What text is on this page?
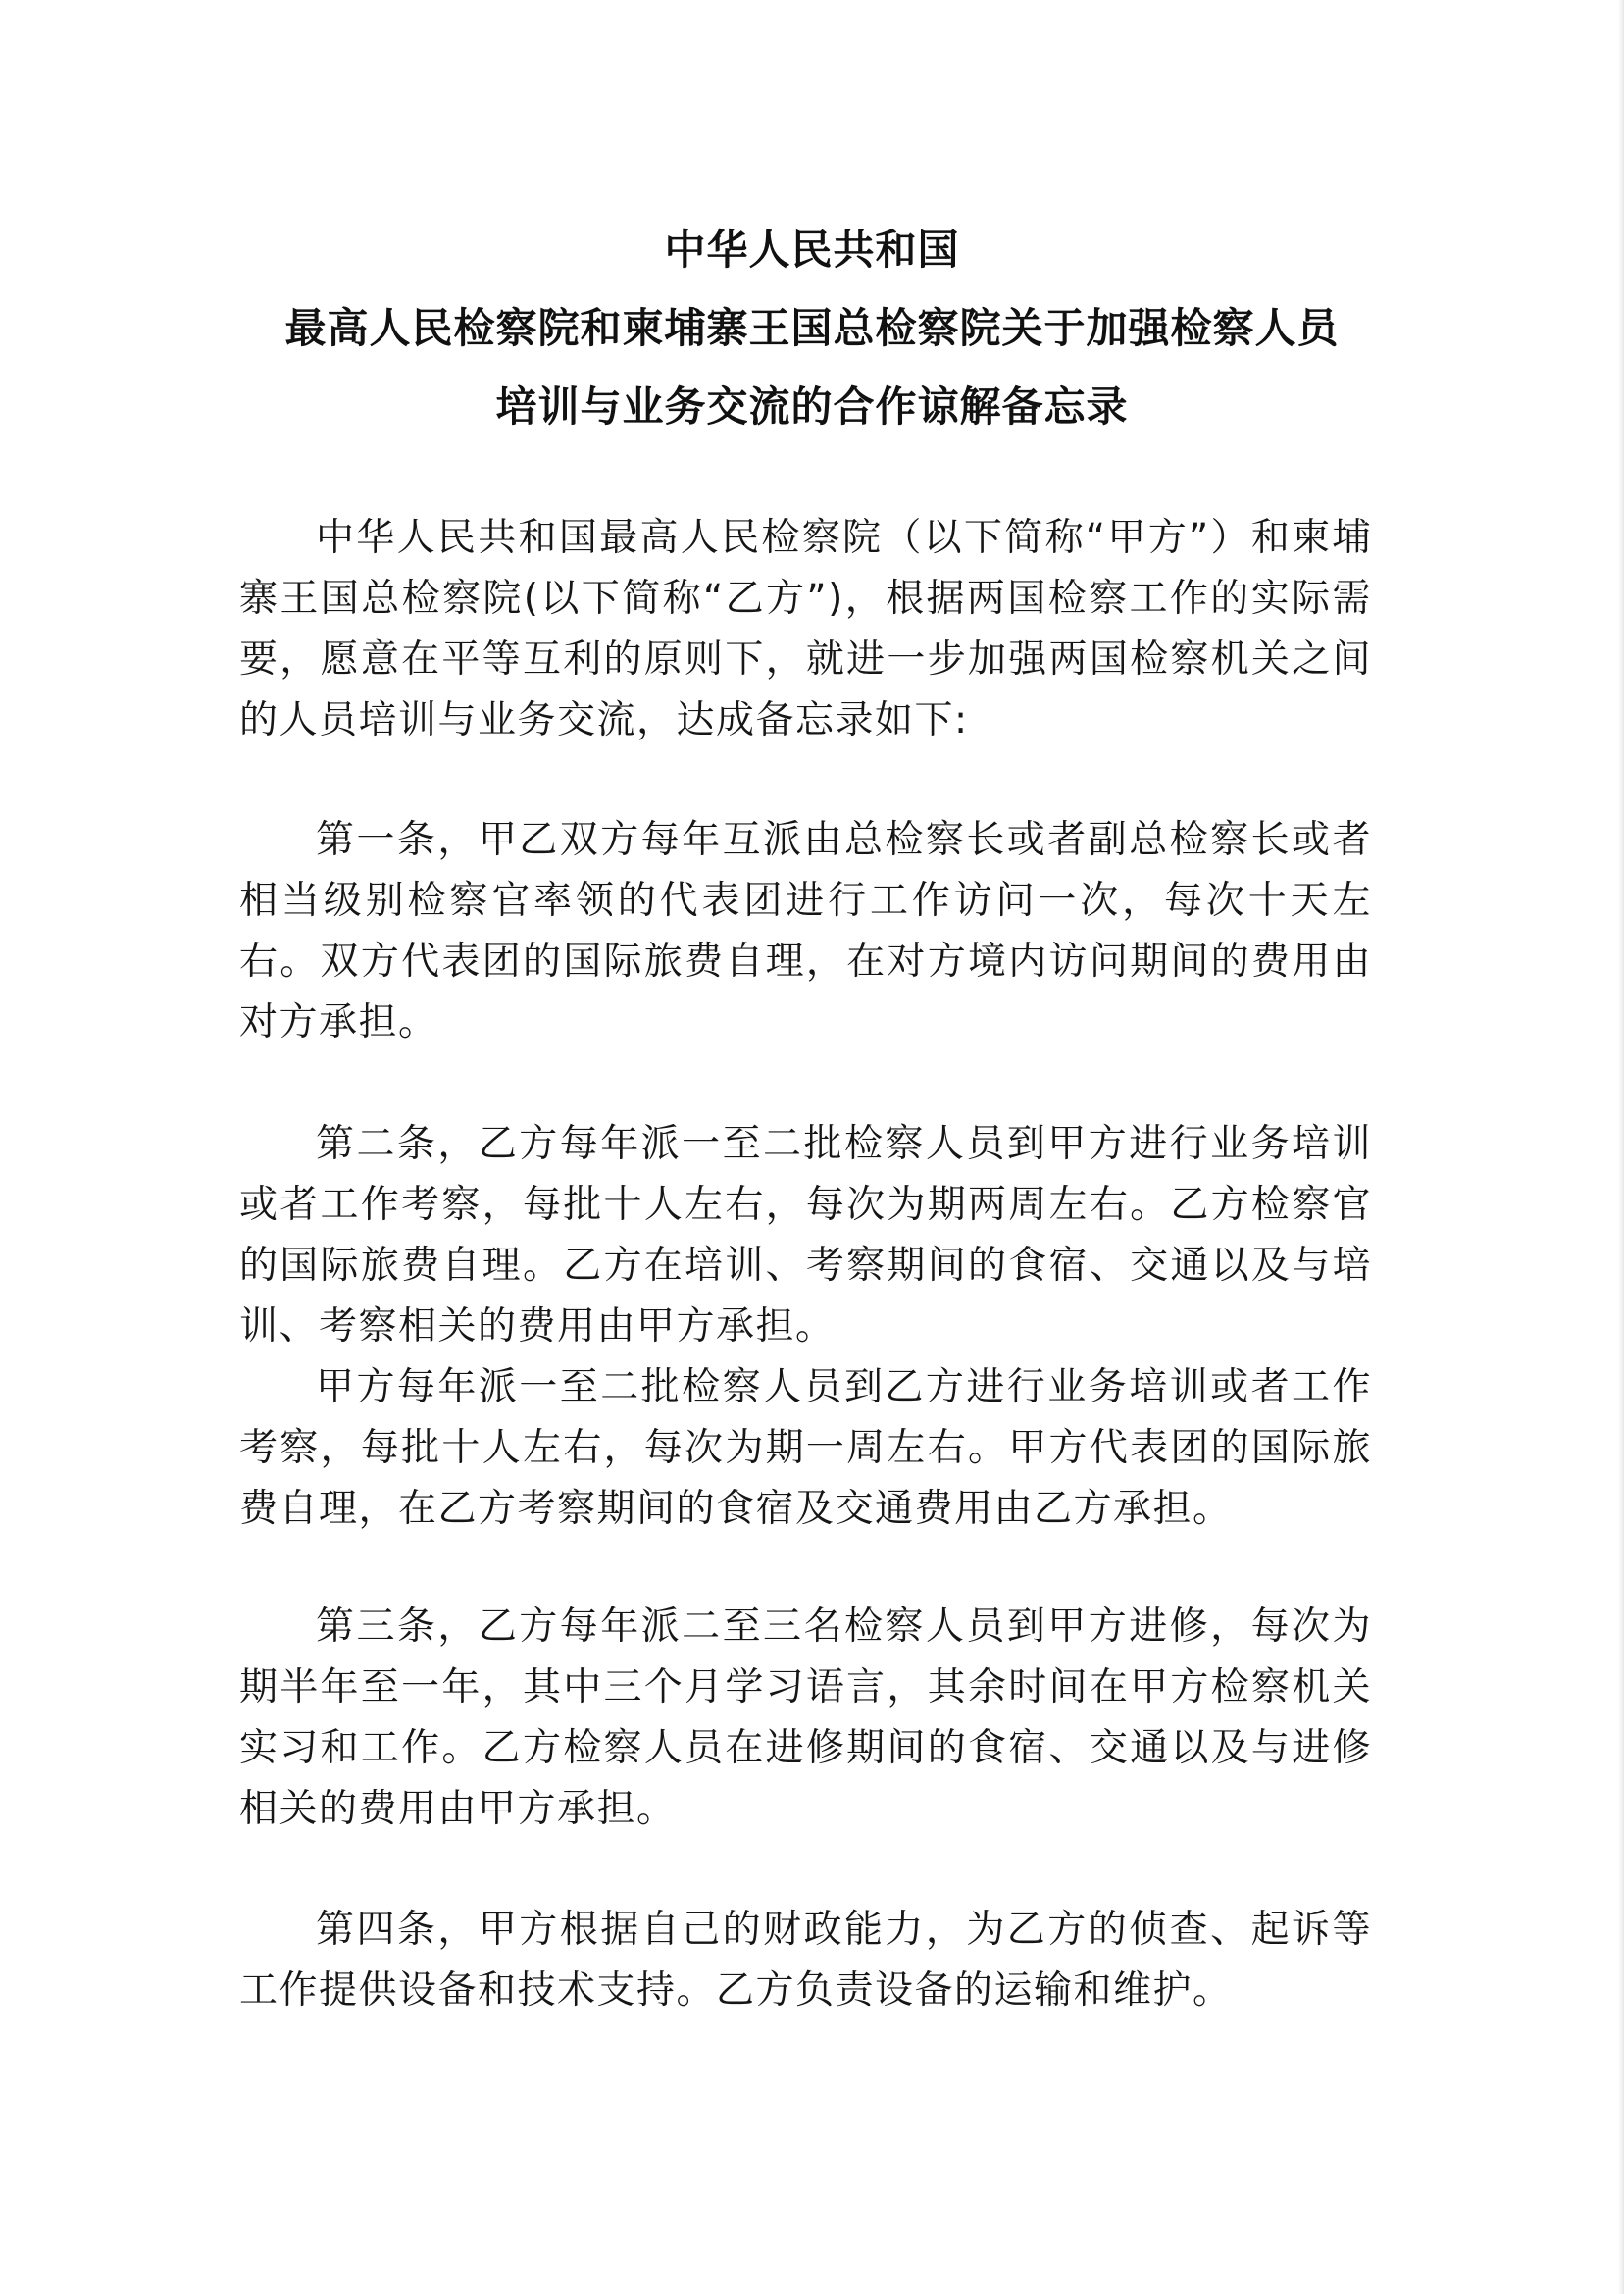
中华人民共和国
最高人民检察院和柬埔寨王国总检察院关于加强检察人员
培训与业务交流的合作谅解备忘录

中华人民共和国最高人民检察院（以下简称“甲方”）和柬埔寨王国总检察院(以下简称“乙方”)，根据两国检察工作的实际需要，愿意在平等互利的原则下，就进一步加强两国检察机关之间的人员培训与业务交流，达成备忘录如下:

第一条，甲乙双方每年互派由总检察长或者副总检察长或者相当级别检察官率领的代表团进行工作访问一次，每次十天左右。双方代表团的国际旅费自理，在对方境内访问期间的费用由对方承担。

第二条，乙方每年派一至二批检察人员到甲方进行业务培训或者工作考察，每批十人左右，每次为期两周左右。乙方检察官的国际旅费自理。乙方在培训、考察期间的食宿、交通以及与培训、考察相关的费用由甲方承担。

甲方每年派一至二批检察人员到乙方进行业务培训或者工作考察，每批十人左右，每次为期一周左右。甲方代表团的国际旅费自理，在乙方考察期间的食宿及交通费用由乙方承担。

第三条，乙方每年派二至三名检察人员到甲方进修，每次为期半年至一年，其中三个月学习语言，其余时间在甲方检察机关实习和工作。乙方检察人员在进修期间的食宿、交通以及与进修相关的费用由甲方承担。

第四条，甲方根据自己的财政能力，为乙方的侦查、起诉等工作提供设备和技术支持。乙方负责设备的运输和维护。
